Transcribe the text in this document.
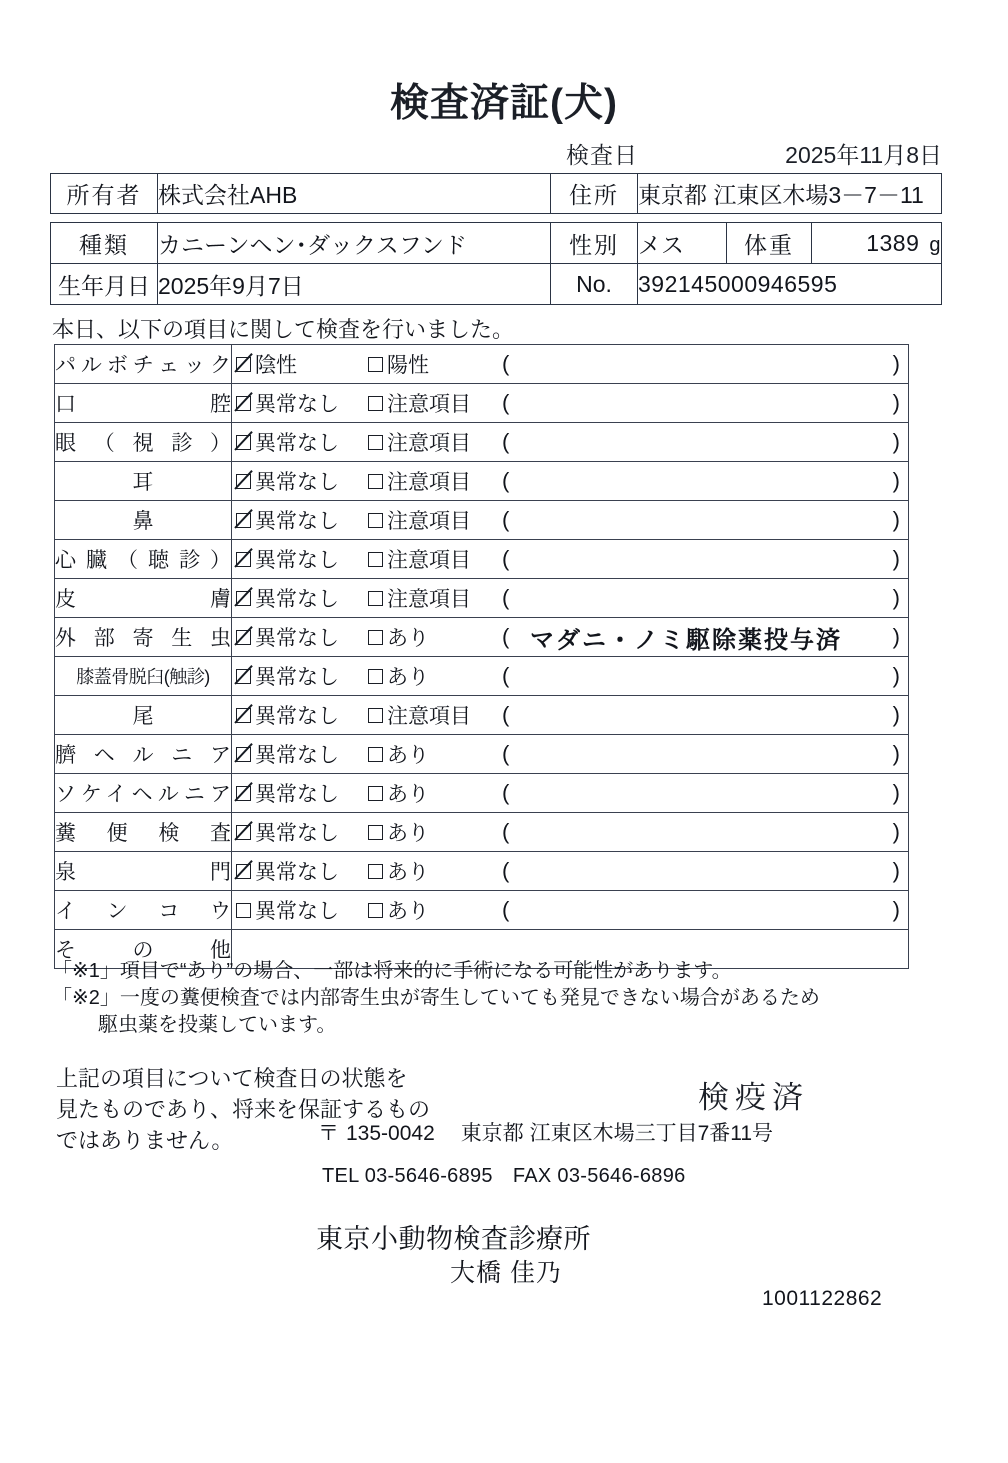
検査済証(犬)
検査日	2025年11月8日
所有者	株式会社AHB	住所	東京都 江東区木場3－7－11
種類	カニーンヘン･ダックスフンド	性別	メス	体重	1389 g
生年月日	2025年9月7日	No.	392145000946595		
本日、以下の項目に関して検査を行いました。
パルボチェック	陰性 陽性 ( )

口　　　　腔	異常なし 注意項目 ( )

眼（視診）	異常なし 注意項目 ( )

耳	異常なし 注意項目 ( )

鼻	異常なし 注意項目 ( )

心臓（聴診）	異常なし 注意項目 ( )

皮　　　　膚	異常なし 注意項目 ( )

外部寄生虫	異常なし あり ( マダニ・ノミ駆除薬投与済 )

膝蓋骨脱臼(触診)	異常なし あり ( )

尾	異常なし 注意項目 ( )

臍ヘルニア	異常なし あり ( )

ソケイヘルニア	異常なし あり ( )

糞便検査	異常なし あり ( )

泉　　　　門	異常なし あり ( )

インコウ	異常なし あり ( )

そ　の　他	
「※1」項目で“あり”の場合、一部は将来的に手術になる可能性があります。
「※2」一度の糞便検査では内部寄生虫が寄生していても発見できない場合があるため
駆虫薬を投薬しています。
上記の項目について検査日の状態を
見たものであり、将来を保証するもの
ではありません。
検疫済
〒 135-0042 東京都 江東区木場三丁目7番11号
TEL 03-5646-6895 FAX 03-5646-6896
東京小動物検査診療所
大橋 佳乃
1001122862
